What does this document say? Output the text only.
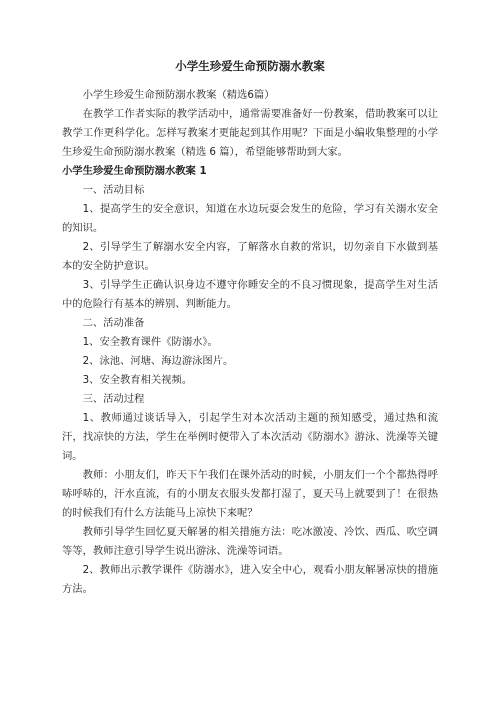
小学生珍爱生命预防溺水教案

小学生珍爱生命预防溺水教案（精选6篇）

在教学工作者实际的教学活动中，通常需要准备好一份教案，借助教案可以让教学工作更科学化。怎样写教案才更能起到其作用呢？下面是小编收集整理的小学生珍爱生命预防溺水教案（精选 6 篇），希望能够帮助到大家。

小学生珍爱生命预防溺水教案 1

一、活动目标

1、提高学生的安全意识，知道在水边玩耍会发生的危险，学习有关溺水安全的知识。

2、引导学生了解溺水安全内容，了解落水自救的常识，切勿亲自下水做到基本的安全防护意识。

3、引导学生正确认识身边不遵守你睡安全的不良习惯现象，提高学生对生活中的危险行有基本的辨别、判断能力。

二、活动准备

1、安全教育课件《防溺水》。

2、泳池、河塘、海边游泳图片。

3、安全教育相关视频。

三、活动过程

1、教师通过谈话导入，引起学生对本次活动主题的预知感受，通过热和流汗，找凉快的方法，学生在举例时便带入了本次活动《防溺水》游泳、洗澡等关键词。

教师：小朋友们，昨天下午我们在课外活动的时候，小朋友们一个个都热得呼哧呼哧的，汗水直流，有的小朋友衣服头发都打湿了，夏天马上就要到了！在很热的时候我们有什么方法能马上凉快下来呢？

教师引导学生回忆夏天解暑的相关措施方法：吃冰激凌、冷饮、西瓜、吹空调等等，教师注意引导学生说出游泳、洗澡等词语。

2、教师出示教学课件《防溺水》，进入安全中心，观看小朋友解暑凉快的措施方法。
